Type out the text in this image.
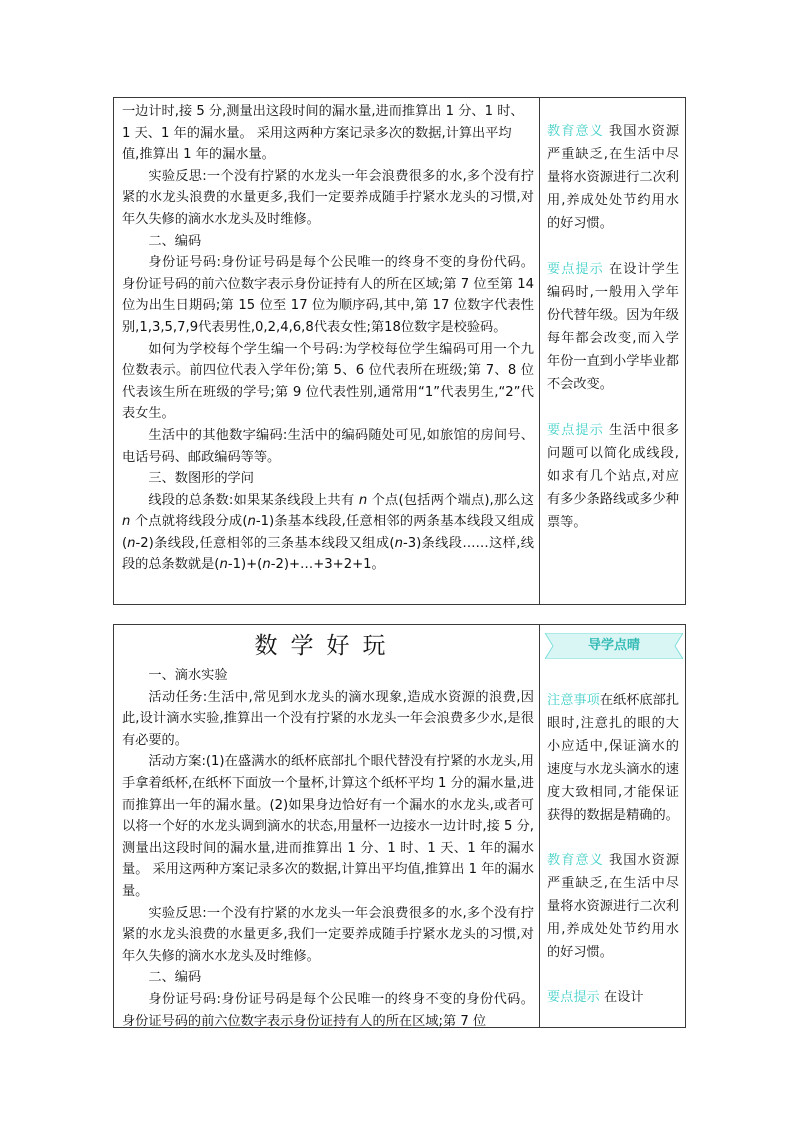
一边计时,接 5 分,测量出这段时间的漏水量,进而推算出 1 分、1 时、

1 天、1 年的漏水量。 采用这两种方案记录多次的数据,计算出平均

值,推算出 1 年的漏水量。

实验反思:一个没有拧紧的水龙头一年会浪费很多的水,多个没有拧紧的水龙头浪费的水量更多,我们一定要养成随手拧紧水龙头的习惯,对年久失修的滴水水龙头及时维修。

二、编码

身份证号码:身份证号码是每个公民唯一的终身不变的身份代码。身份证号码的前六位数字表示身份证持有人的所在区域;第 7 位至第 14 位为出生日期码;第 15 位至 17 位为顺序码,其中,第 17 位数字代表性别,1,3,5,7,9代表男性,0,2,4,6,8代表女性;第18位数字是校验码。

如何为学校每个学生编一个号码:为学校每位学生编码可用一个九位数表示。前四位代表入学年份;第 5、6 位代表所在班级;第 7、8 位代表该生所在班级的学号;第 9 位代表性别,通常用“1”代表男生,“2”代表女生。

生活中的其他数字编码:生活中的编码随处可见,如旅馆的房间号、电话号码、邮政编码等等。

三、数图形的学问

线段的总条数:如果某条线段上共有 n 个点(包括两个端点),那么这 n 个点就将线段分成(n-1)条基本线段,任意相邻的两条基本线段又组成(n-2)条线段,任意相邻的三条基本线段又组成(n-3)条线段……这样,线段的总条数就是(n-1)+(n-2)+…+3+2+1。

教育意义 我国水资源严重缺乏,在生活中尽量将水资源进行二次利用,养成处处节约用水的好习惯。

要点提示 在设计学生编码时,一般用入学年份代替年级。因为年级每年都会改变,而入学年份一直到小学毕业都不会改变。

要点提示 生活中很多问题可以简化成线段,如求有几个站点,对应有多少条路线或多少种票等。

数学好玩

一、滴水实验

活动任务:生活中,常见到水龙头的滴水现象,造成水资源的浪费,因此,设计滴水实验,推算出一个没有拧紧的水龙头一年会浪费多少水,是很有必要的。

活动方案:(1)在盛满水的纸杯底部扎个眼代替没有拧紧的水龙头,用手拿着纸杯,在纸杯下面放一个量杯,计算这个纸杯平均 1 分的漏水量,进而推算出一年的漏水量。(2)如果身边恰好有一个漏水的水龙头,或者可以将一个好的水龙头调到滴水的状态,用量杯一边接水一边计时,接 5 分,测量出这段时间的漏水量,进而推算出 1 分、1 时、1 天、1 年的漏水量。 采用这两种方案记录多次的数据,计算出平均值,推算出 1 年的漏水量。

实验反思:一个没有拧紧的水龙头一年会浪费很多的水,多个没有拧紧的水龙头浪费的水量更多,我们一定要养成随手拧紧水龙头的习惯,对年久失修的滴水水龙头及时维修。

二、编码

身份证号码:身份证号码是每个公民唯一的终身不变的身份代码。身份证号码的前六位数字表示身份证持有人的所在区域;第 7 位

导学点晴

注意事项在纸杯底部扎眼时,注意扎的眼的大小应适中,保证滴水的速度与水龙头滴水的速度大致相同,才能保证获得的数据是精确的。

教育意义 我国水资源严重缺乏,在生活中尽量将水资源进行二次利用,养成处处节约用水的好习惯。

要点提示 在设计
